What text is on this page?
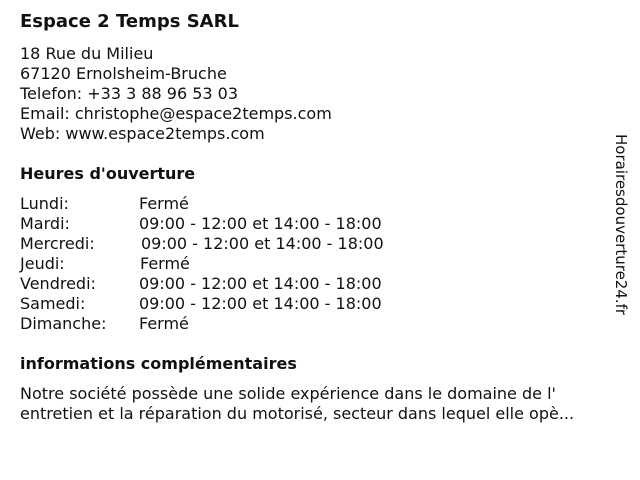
Espace 2 Temps SARL
18 Rue du Milieu
67120 Ernolsheim-Bruche
Telefon: +33 3 88 96 53 03
Email: christophe@espace2temps.com
Web: www.espace2temps.com
Heures d'ouverture
Lundi:	Fermé
Mardi:	09:00 - 12:00 et 14:00 - 18:00
Mercredi:	09:00 - 12:00 et 14:00 - 18:00
Jeudi:	Fermé
Vendredi:	09:00 - 12:00 et 14:00 - 18:00
Samedi:	09:00 - 12:00 et 14:00 - 18:00
Dimanche: Fermé
informations complémentaires
Notre société possède une solide expérience dans le domaine de l'
entretien et la réparation du motorisé, secteur dans lequel elle opè...
Horairesdouverture24.fr
